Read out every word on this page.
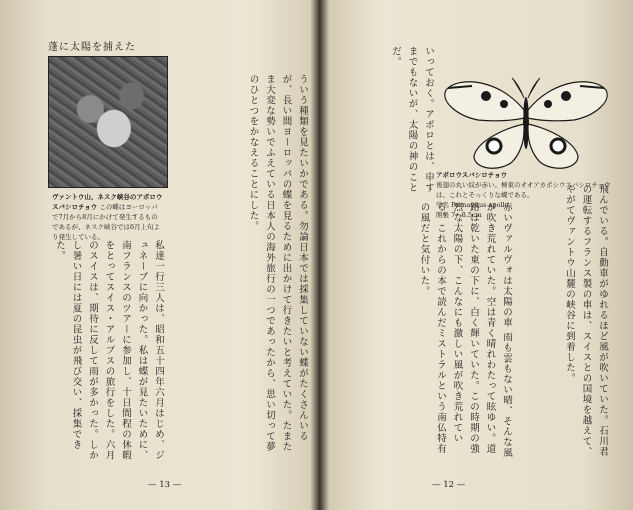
蓬に太陽を捕えた
ヴァントウ山、ネスク峡谷のアポロウスバシロチョウ この蝶はヨーロッパで7月から8月にかけて発生するものであるが、ネスク峡谷では6月上旬より発生している。	ういう種類を見たいかである。勿論日本では採集していない蝶がたくさんいるが、長い間ヨーロッパの蝶を見るために出かけて行きたいと考えていた。たまたま大変な勢いでふえている日本人の海外旅行の一つであったから、思い切って夢のひとつをかなえることにした。
私達一行三人は、昭和五十四年六月はじめ、ジュネーブに向かった。私は蝶が見たいために、南フランスのツアーに参加し、十日間程の休暇をとってスイス・アルプスの旅行をした。六月のスイスは、期待に反して雨が多かった。しかし暑い日には夏の昆虫が飛び交い、採集できた。
— 13 —
アポロウスバシロチョウ
後翅の丸い紋が赤い。極東のオオアカボシウスバシロチョウは、これとそっくりな蝶である。
学名 Parnassius apollo.
開張 7～8.5cm
いっておく。アポロとは、申すまでもないが、太陽の神のことだ。
赤いヴァルヴォは太陽の車 雨も雲もない晴、そんな風が吹き荒れていた。空は青く晴れわたって眩ゆい。道路は乾いた東の下に、白く輝いていた。この時期の強烈な太陽の下、こんなにも激しい風が吹き荒れている。これからの本で読んだミストラルという南仏特有の風だと気付いた。	飛んでいる。自動車がゆれるほど風が吹いていた。石川君の運転するフランス製の車は、スイスとの国境を越えて、やがてヴァントウ山麓の峡谷に到着した。
— 12 —
